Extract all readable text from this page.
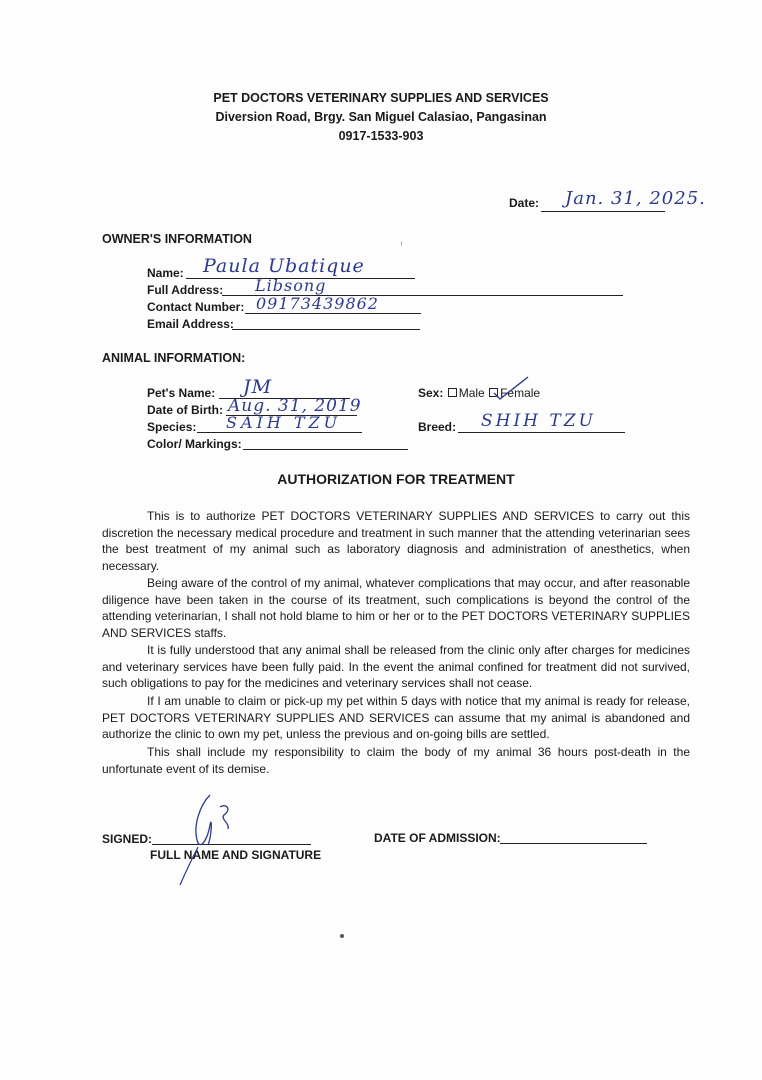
PET DOCTORS VETERINARY SUPPLIES AND SERVICES
Diversion Road, Brgy. San Miguel Calasiao, Pangasinan
0917-1533-903
Date: Jan. 31, 2025.
OWNER'S INFORMATION
Name: Paula Ubatique
Full Address: Libsong
Contact Number: 09173439862
Email Address:
ANIMAL INFORMATION:
Pet's Name: JM
Date of Birth: Aug. 31, 2019
Species: SAIH TZU
Color/ Markings:
Sex: Male Female
Breed: SHIH TZU
AUTHORIZATION FOR TREATMENT

This is to authorize PET DOCTORS VETERINARY SUPPLIES AND SERVICES to carry out this discretion the necessary medical procedure and treatment in such manner that the attending veterinarian sees the best treatment of my animal such as laboratory diagnosis and administration of anesthetics, when necessary.

Being aware of the control of my animal, whatever complications that may occur, and after reasonable diligence have been taken in the course of its treatment, such complications is beyond the control of the attending veterinarian, I shall not hold blame to him or her or to the PET DOCTORS VETERINARY SUPPLIES AND SERVICES staffs.

It is fully understood that any animal shall be released from the clinic only after charges for medicines and veterinary services have been fully paid. In the event the animal confined for treatment did not survived, such obligations to pay for the medicines and veterinary services shall not cease.

If I am unable to claim or pick-up my pet within 5 days with notice that my animal is ready for release, PET DOCTORS VETERINARY SUPPLIES AND SERVICES can assume that my animal is abandoned and authorize the clinic to own my pet, unless the previous and on-going bills are settled.

This shall include my responsibility to claim the body of my animal 36 hours post-death in the unfortunate event of its demise.

SIGNED:
FULL NAME AND SIGNATURE
DATE OF ADMISSION:
